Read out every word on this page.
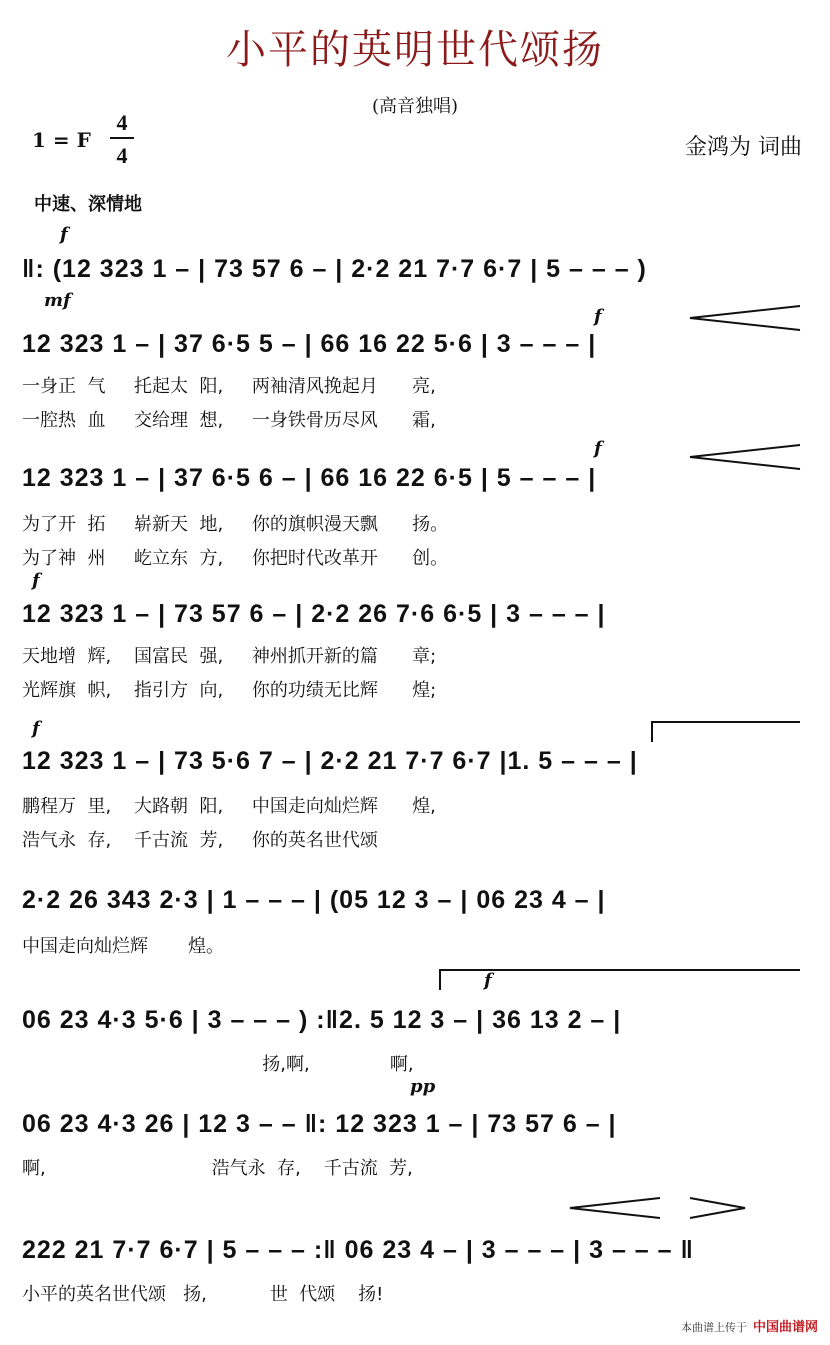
小平的英明世代颂扬
(高音独唱)
1 = F $\frac{4}{4}$	金鸿为 词曲
中速、深情地
f
‖: (12 323 1 – | 73 57 6 – | 2·2 21 7·7 6·7 | 5 – – – )
mf
f
12 323 1 – | 37 6·5 5 – | 66 16 22 5·6 | 3 – – – |
一身正  气     托起太  阳,     两袖清风挽起月      亮,
一腔热  血     交给理  想,     一身铁骨历尽风      霜,
f
12 323 1 – | 37 6·5 6 – | 66 16 22 6·5 | 5 – – – |
为了开  拓     崭新天  地,     你的旗帜漫天飘      扬。
为了神  州     屹立东  方,     你把时代改革开      创。
f
12 323 1 – | 73 57 6 – | 2·2 26 7·6 6·5 | 3 – – – |
天地增  辉,    国富民  强,     神州抓开新的篇      章;
光辉旗  帜,    指引方  向,     你的功绩无比辉      煌;
f
12 323 1 – | 73 5·6 7 – | 2·2 21 7·7 6·7 |1. 5 – – – |
鹏程万  里,    大路朝  阳,     中国走向灿烂辉      煌,
浩气永  存,    千古流  芳,     你的英名世代颂
2·2 26 343 2·3 | 1 – – – | (05 12 3 – | 06 23 4 – |
中国走向灿烂辉       煌。
f
06 23 4·3 5·6 | 3 – – – ) :‖2. 5 12 3 – | 36 13 2 – |
扬,啊,              啊,
pp
06 23 4·3 26 | 12 3 – – ‖: 12 323 1 – | 73 57 6 – |
啊,                             浩气永  存,    千古流  芳,
222 21 7·7 6·7 | 5 – – – :‖ 06 23 4 – | 3 – – – | 3 – – – ‖
小平的英名世代颂   扬,           世  代颂    扬!
本曲谱上传于 中国曲谱网
